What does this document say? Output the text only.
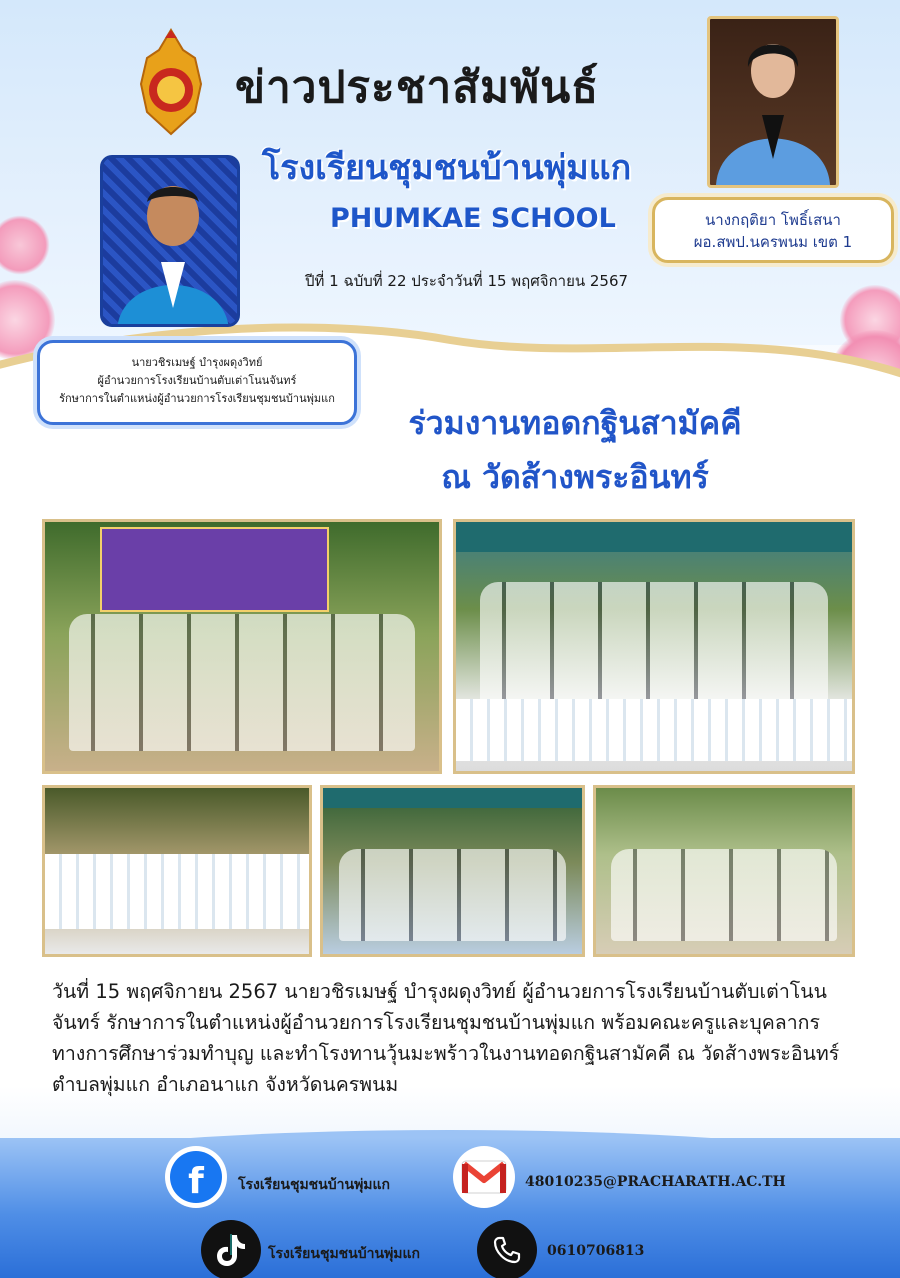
ข่าวประชาสัมพันธ์
โรงเรียนชุมชนบ้านพุ่มแก
PHUMKAE SCHOOL
ปีที่ 1 ฉบับที่ 22 ประจำวันที่ 15 พฤศจิกายน 2567
นายวชิรเมษฐ์ บำรุงผดุงวิทย์
ผู้อำนวยการโรงเรียนบ้านตับเต่าโนนจันทร์
รักษาการในตำแหน่งผู้อำนวยการโรงเรียนชุมชนบ้านพุ่มแก
นางกฤติยา โพธิ์เสนา
ผอ.สพป.นครพนม เขต 1
ร่วมงานทอดกฐินสามัคคี
ณ วัดส้างพระอินทร์
วันที่ 15 พฤศจิกายน 2567 นายวชิรเมษฐ์ บำรุงผดุงวิทย์ ผู้อำนวยการโรงเรียนบ้านตับเต่าโนนจันทร์ รักษาการในตำแหน่งผู้อำนวยการโรงเรียนชุมชนบ้านพุ่มแก พร้อมคณะครูและบุคลากรทางการศึกษาร่วมทำบุญ และทำโรงทานวุ้นมะพร้าวในงานทอดกฐินสามัคคี ณ วัดส้างพระอินทร์ ตำบลพุ่มแก อำเภอนาแก จังหวัดนครพนม
f	โรงเรียนชุมชนบ้านพุ่มแก	48010235@PRACHARATH.AC.TH
โรงเรียนชุมชนบ้านพุ่มแก	0610706813
